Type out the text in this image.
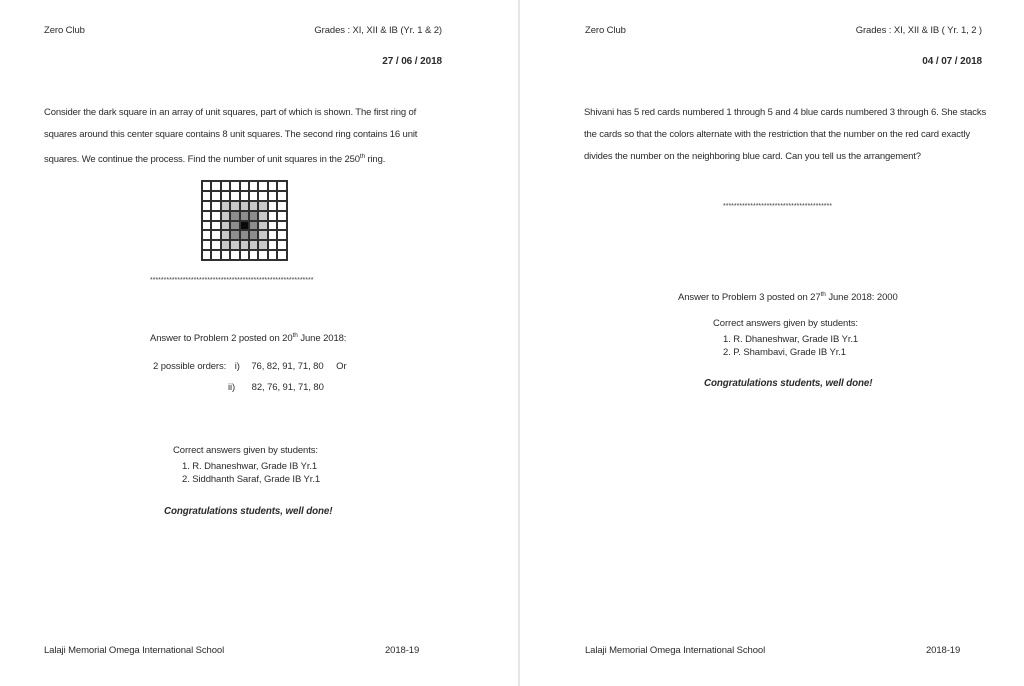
Zero Club	Grades : XI, XII & IB (Yr. 1 & 2)
27 / 06 / 2018
Consider the dark square in an array of unit squares, part of which is shown. The first ring of
squares around this center square contains 8 unit squares. The second ring contains 16 unit
squares. We continue the process. Find the number of unit squares in the 250th ring.
************************************************************
Answer to Problem 2 posted on 20th June 2018:
2 possible orders: i) 76, 82, 91, 71, 80 Or
ii) 82, 76, 91, 71, 80
Correct answers given by students:
1. R. Dhaneshwar, Grade IB Yr.1
2. Siddhanth Saraf, Grade IB Yr.1
Congratulations students, well done!
Lalaji Memorial Omega International School	2018-19
Zero Club	Grades : XI, XII & IB ( Yr. 1, 2 )
04 / 07 / 2018
Shivani has 5 red cards numbered 1 through 5 and 4 blue cards numbered 3 through 6. She stacks
the cards so that the colors alternate with the restriction that the number on the red card exactly
divides the number on the neighboring blue card. Can you tell us the arrangement?
****************************************
Answer to Problem 3 posted on 27th June 2018: 2000
Correct answers given by students:
1. R. Dhaneshwar, Grade IB Yr.1
2. P. Shambavi, Grade IB Yr.1
Congratulations students, well done!
Lalaji Memorial Omega International School	2018-19
